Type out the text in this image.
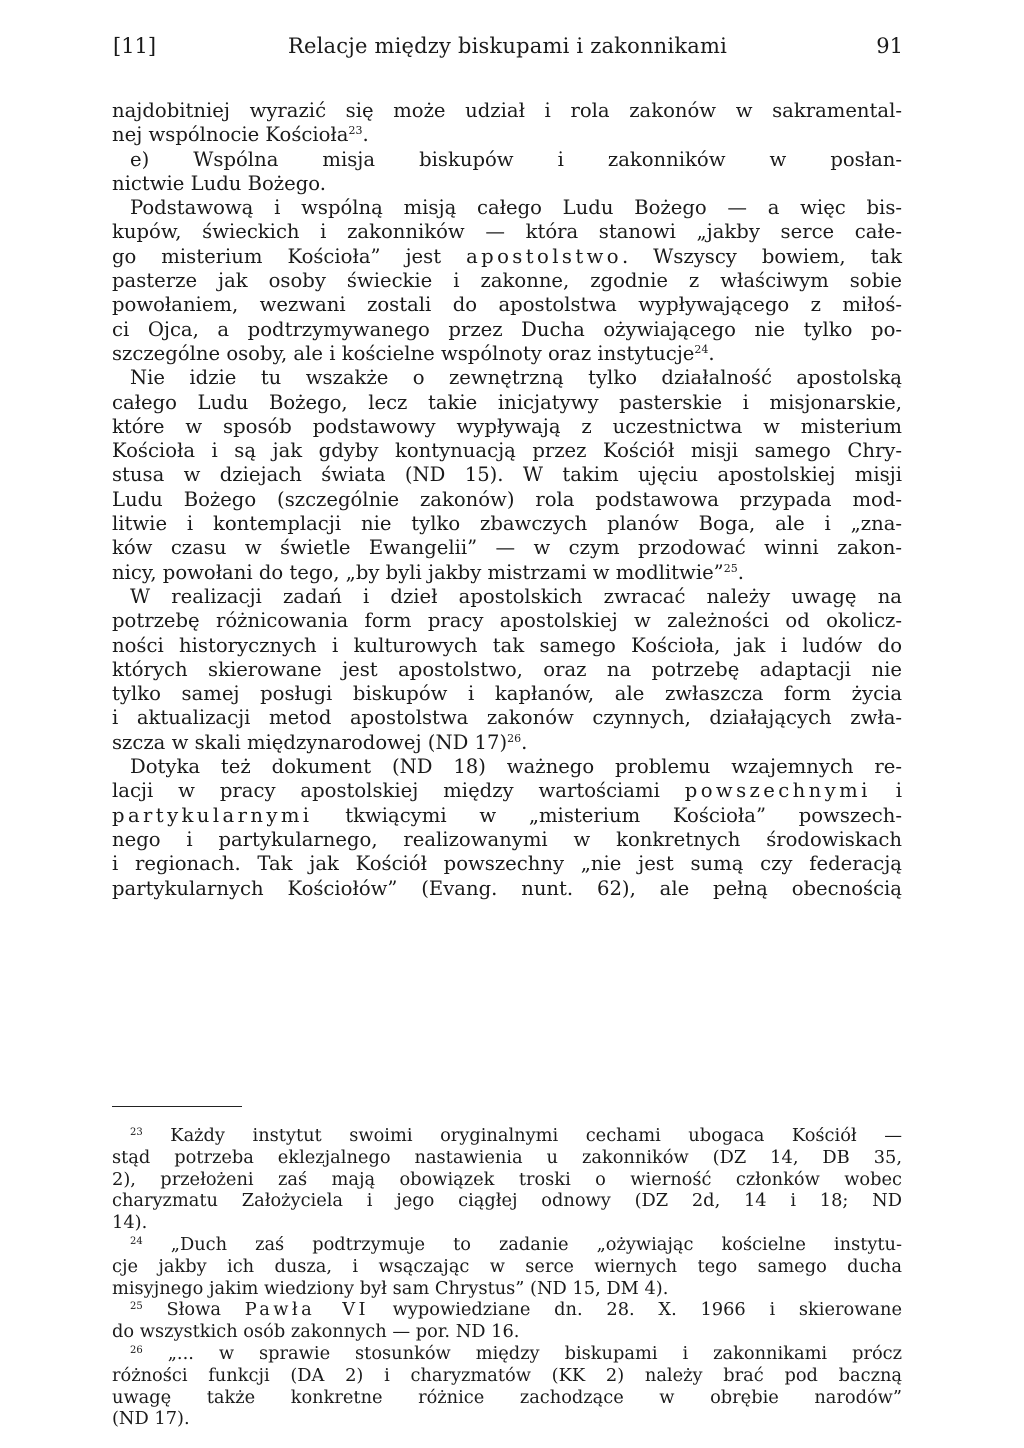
[11]	Relacje między biskupami i zakonnikami	91
najdobitniej wyrazić się może udział i rola zakonów w sakramental-
nej wspólnocie Kościoła$^{23}$.
e) Wspólna misja biskupów i zakonników w posłan-
nictwie Ludu Bożego.
Podstawową i wspólną misją całego Ludu Bożego — a więc bis-
kupów, świeckich i zakonników — która stanowi „jakby serce całe-
go misterium Kościoła” jest apostolstwo. Wszyscy bowiem, tak
pasterze jak osoby świeckie i zakonne, zgodnie z właściwym sobie
powołaniem, wezwani zostali do apostolstwa wypływającego z miłoś-
ci Ojca, a podtrzymywanego przez Ducha ożywiającego nie tylko po-
szczególne osoby, ale i kościelne wspólnoty oraz instytucje$^{24}$.
Nie idzie tu wszakże o zewnętrzną tylko działalność apostolską
całego Ludu Bożego, lecz takie inicjatywy pasterskie i misjonarskie,
które w sposób podstawowy wypływają z uczestnictwa w misterium
Kościoła i są jak gdyby kontynuacją przez Kościół misji samego Chry-
stusa w dziejach świata (ND 15). W takim ujęciu apostolskiej misji
Ludu Bożego (szczególnie zakonów) rola podstawowa przypada mod-
litwie i kontemplacji nie tylko zbawczych planów Boga, ale i „zna-
ków czasu w świetle Ewangelii” — w czym przodować winni zakon-
nicy, powołani do tego, „by byli jakby mistrzami w modlitwie”$^{25}$.
W realizacji zadań i dzieł apostolskich zwracać należy uwagę na
potrzebę różnicowania form pracy apostolskiej w zależności od okolicz-
ności historycznych i kulturowych tak samego Kościoła, jak i ludów do
których skierowane jest apostolstwo, oraz na potrzebę adaptacji nie
tylko samej posługi biskupów i kapłanów, ale zwłaszcza form życia
i aktualizacji metod apostolstwa zakonów czynnych, działających zwła-
szcza w skali międzynarodowej (ND 17)$^{26}$.
Dotyka też dokument (ND 18) ważnego problemu wzajemnych re-
lacji w pracy apostolskiej między wartościami powszechnymi i
partykularnymi tkwiącymi w „misterium Kościoła” powszech-
nego i partykularnego, realizowanymi w konkretnych środowiskach
i regionach. Tak jak Kościół powszechny „nie jest sumą czy federacją
partykularnych Kościołów” (Evang. nunt. 62), ale pełną obecnością
$^{23}$ Każdy instytut swoimi oryginalnymi cechami ubogaca Kościół —
stąd potrzeba eklezjalnego nastawienia u zakonników (DZ 14, DB 35,
2), przełożeni zaś mają obowiązek troski o wierność członków wobec
charyzmatu Założyciela i jego ciągłej odnowy (DZ 2d, 14 i 18; ND
14).
$^{24}$ „Duch zaś podtrzymuje to zadanie „ożywiając kościelne instytu-
cje jakby ich dusza, i wsączając w serce wiernych tego samego ducha
misyjnego jakim wiedziony był sam Chrystus” (ND 15, DM 4).
$^{25}$ Słowa Pawła VI wypowiedziane dn. 28. X. 1966 i skierowane
do wszystkich osób zakonnych — por. ND 16.
$^{26}$ „... w sprawie stosunków między biskupami i zakonnikami prócz
różności funkcji (DA 2) i charyzmatów (KK 2) należy brać pod baczną
uwagę także konkretne różnice zachodzące w obrębie narodów”
(ND 17).
